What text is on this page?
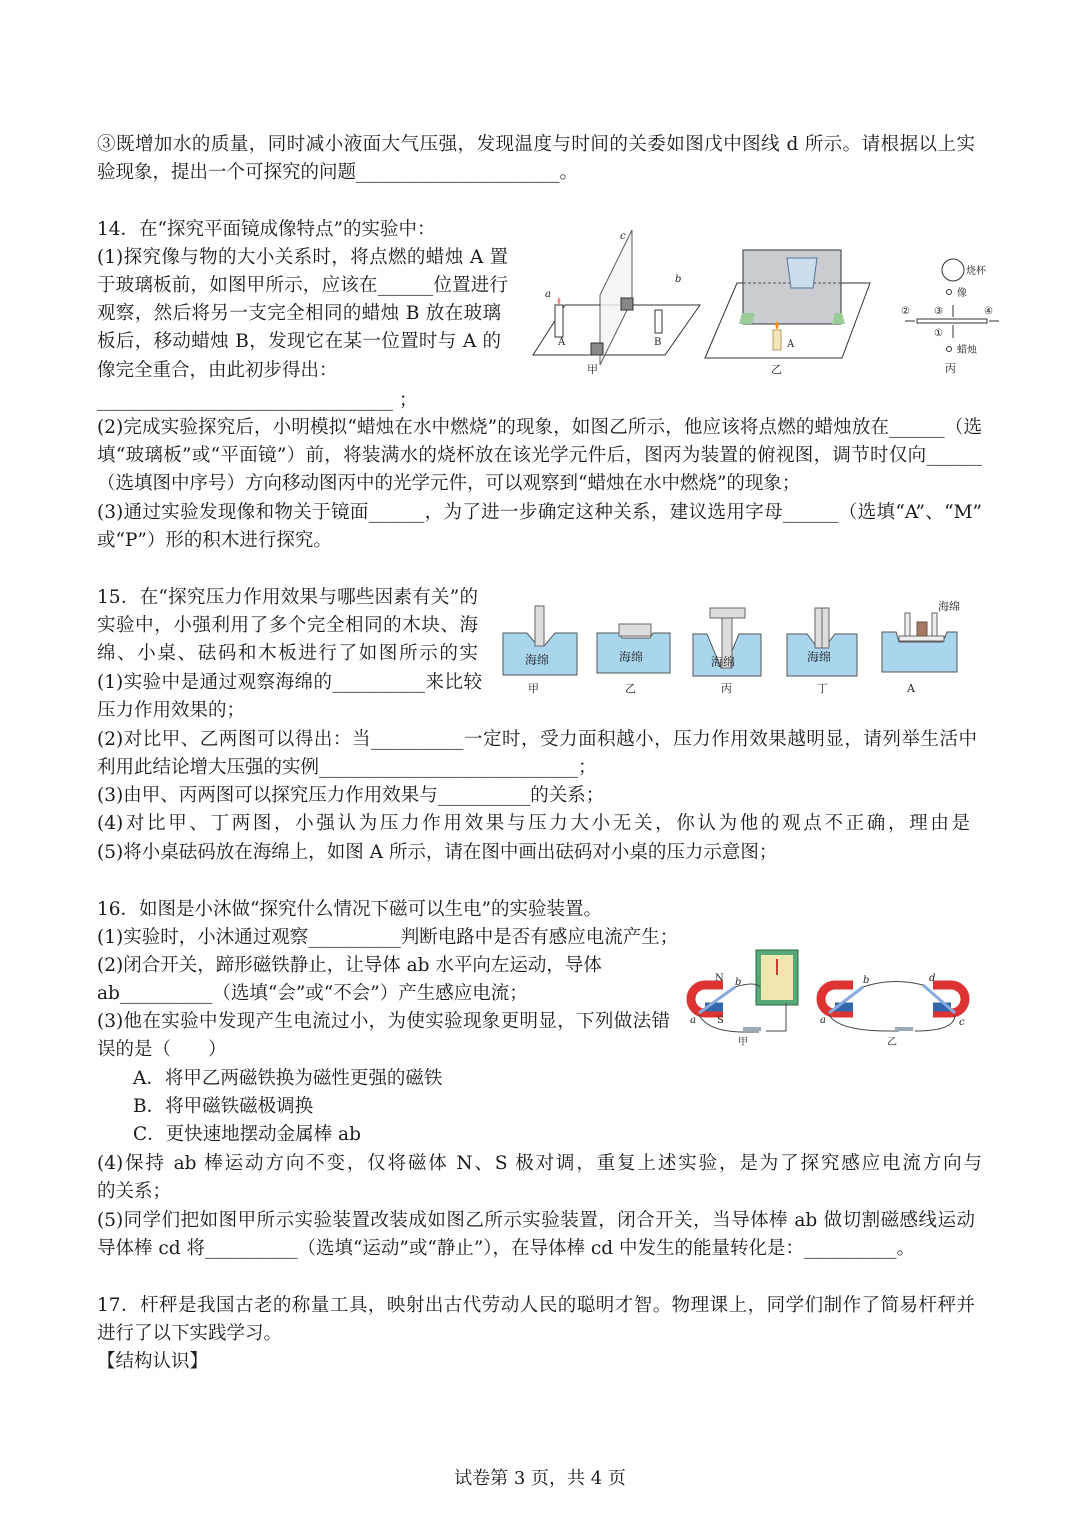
③既增加水的质量，同时减小液面大气压强，发现温度与时间的关委如图戊中图线 d 所示。请根据以上实
验现象，提出一个可探究的问题______________________。
14．在“探究平面镜成像特点”的实验中：
(1)探究像与物的大小关系时，将点燃的蜡烛 A 置
于玻璃板前，如图甲所示，应该在______位置进行
观察，然后将另一支完全相同的蜡烛 B 放在玻璃
板后，移动蜡烛 B，发现它在某一位置时与 A 的
像完全重合，由此初步得出：
________________________________ ；
(2)完成实验探究后，小明模拟“蜡烛在水中燃烧”的现象，如图乙所示，他应该将点燃的蜡烛放在______（选
填“玻璃板”或“平面镜”）前，将装满水的烧杯放在该光学元件后，图丙为装置的俯视图，调节时仅向______
（选填图中序号）方向移动图丙中的光学元件，可以观察到“蜡烛在水中燃烧”的现象；
(3)通过实验发现像和物关于镜面______，为了进一步确定这种关系，建议选用字母______（选填“A”、“M”
或“P”）形的积木进行探究。
15．在“探究压力作用效果与哪些因素有关”的
实验中，小强利用了多个完全相同的木块、海
绵、小桌、砝码和木板进行了如图所示的实
(1)实验中是通过观察海绵的__________来比较
压力作用效果的；
(2)对比甲、乙两图可以得出：当__________一定时，受力面积越小，压力作用效果越明显，请列举生活中
利用此结论增大压强的实例____________________________；
(3)由甲、丙两图可以探究压力作用效果与__________的关系；
(4)对比甲、丁两图，小强认为压力作用效果与压力大小无关，你认为他的观点不正确，理由是
(5)将小桌砝码放在海绵上，如图 A 所示，请在图中画出砝码对小桌的压力示意图；
16．如图是小沐做“探究什么情况下磁可以生电”的实验装置。
(1)实验时，小沐通过观察__________判断电路中是否有感应电流产生；
(2)闭合开关，蹄形磁铁静止，让导体 ab 水平向左运动，导体
ab__________（选填“会”或“不会”）产生感应电流；
(3)他在实验中发现产生电流过小，为使实验现象更明显，下列做法错
误的是（　　）
A．将甲乙两磁铁换为磁性更强的磁铁
B．将甲磁铁磁极调换
C．更快速地摆动金属棒 ab
(4)保持 ab 棒运动方向不变，仅将磁体 N、S 极对调，重复上述实验，是为了探究感应电流方向与
的关系；
(5)同学们把如图甲所示实验装置改装成如图乙所示实验装置，闭合开关，当导体棒 ab 做切割磁感线运动
导体棒 cd 将__________（选填“运动”或“静止”），在导体棒 cd 中发生的能量转化是：__________。
17．杆秤是我国古老的称量工具，映射出古代劳动人民的聪明才智。物理课上，同学们制作了简易杆秤并
进行了以下实践学习。
【结构认识】
A	B
a
b
c
甲
A
乙
烧杯
像
② ③	④
①
蜡烛
丙
海绵
甲
海绵
乙
海绵
丙
海绵
丁
海绵
A
N
S
a
b
甲
a
b
c
d
乙
试卷第 3 页，共 4 页
